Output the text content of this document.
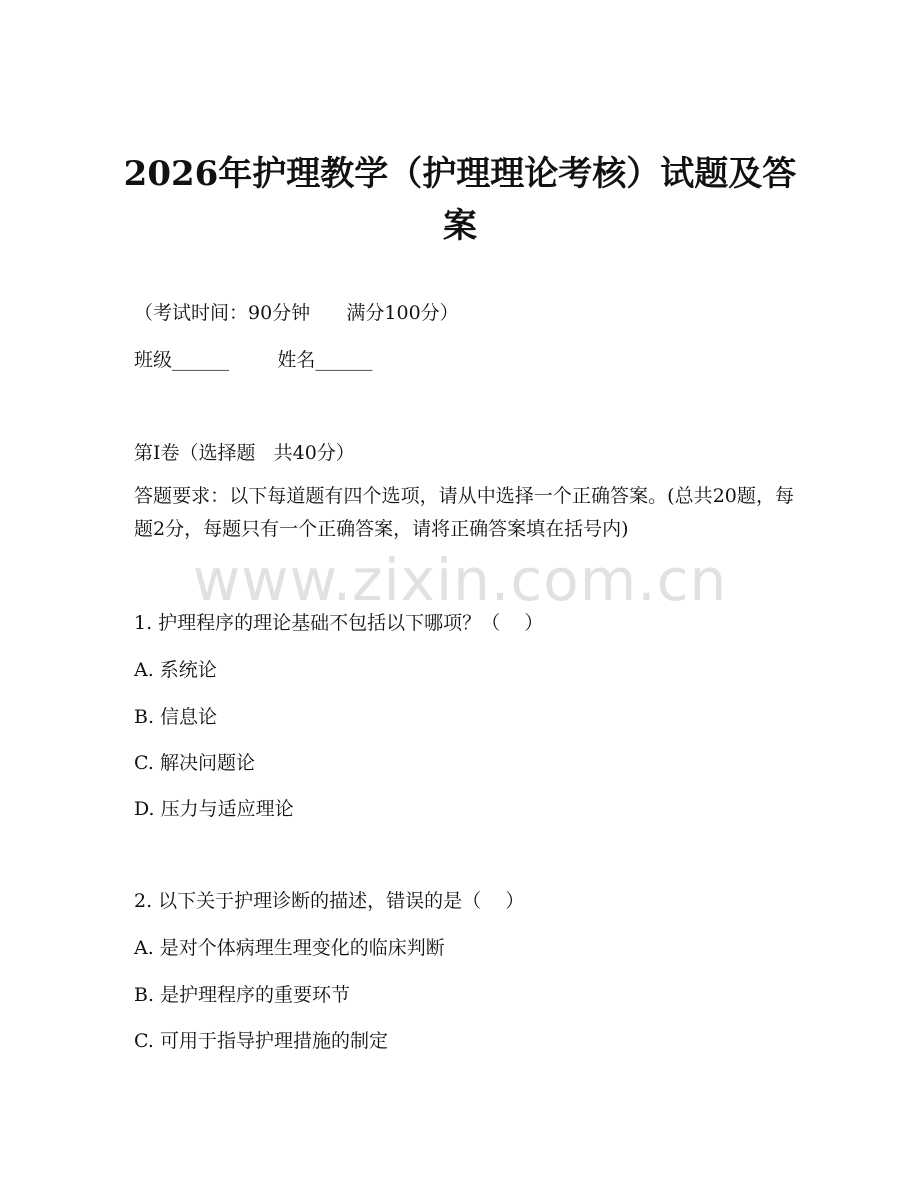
2026年护理教学（护理理论考核）试题及答案
（考试时间：90分钟      满分100分）
班级______        姓名______
第I卷（选择题   共40分）
答题要求：以下每道题有四个选项，请从中选择一个正确答案。(总共20题，每题2分，每题只有一个正确答案，请将正确答案填在括号内)
www.zixin.com.cn
1. 护理程序的理论基础不包括以下哪项？（    ）
A. 系统论
B. 信息论
C. 解决问题论
D. 压力与适应理论
2. 以下关于护理诊断的描述，错误的是（    ）
A. 是对个体病理生理变化的临床判断
B. 是护理程序的重要环节
C. 可用于指导护理措施的制定
